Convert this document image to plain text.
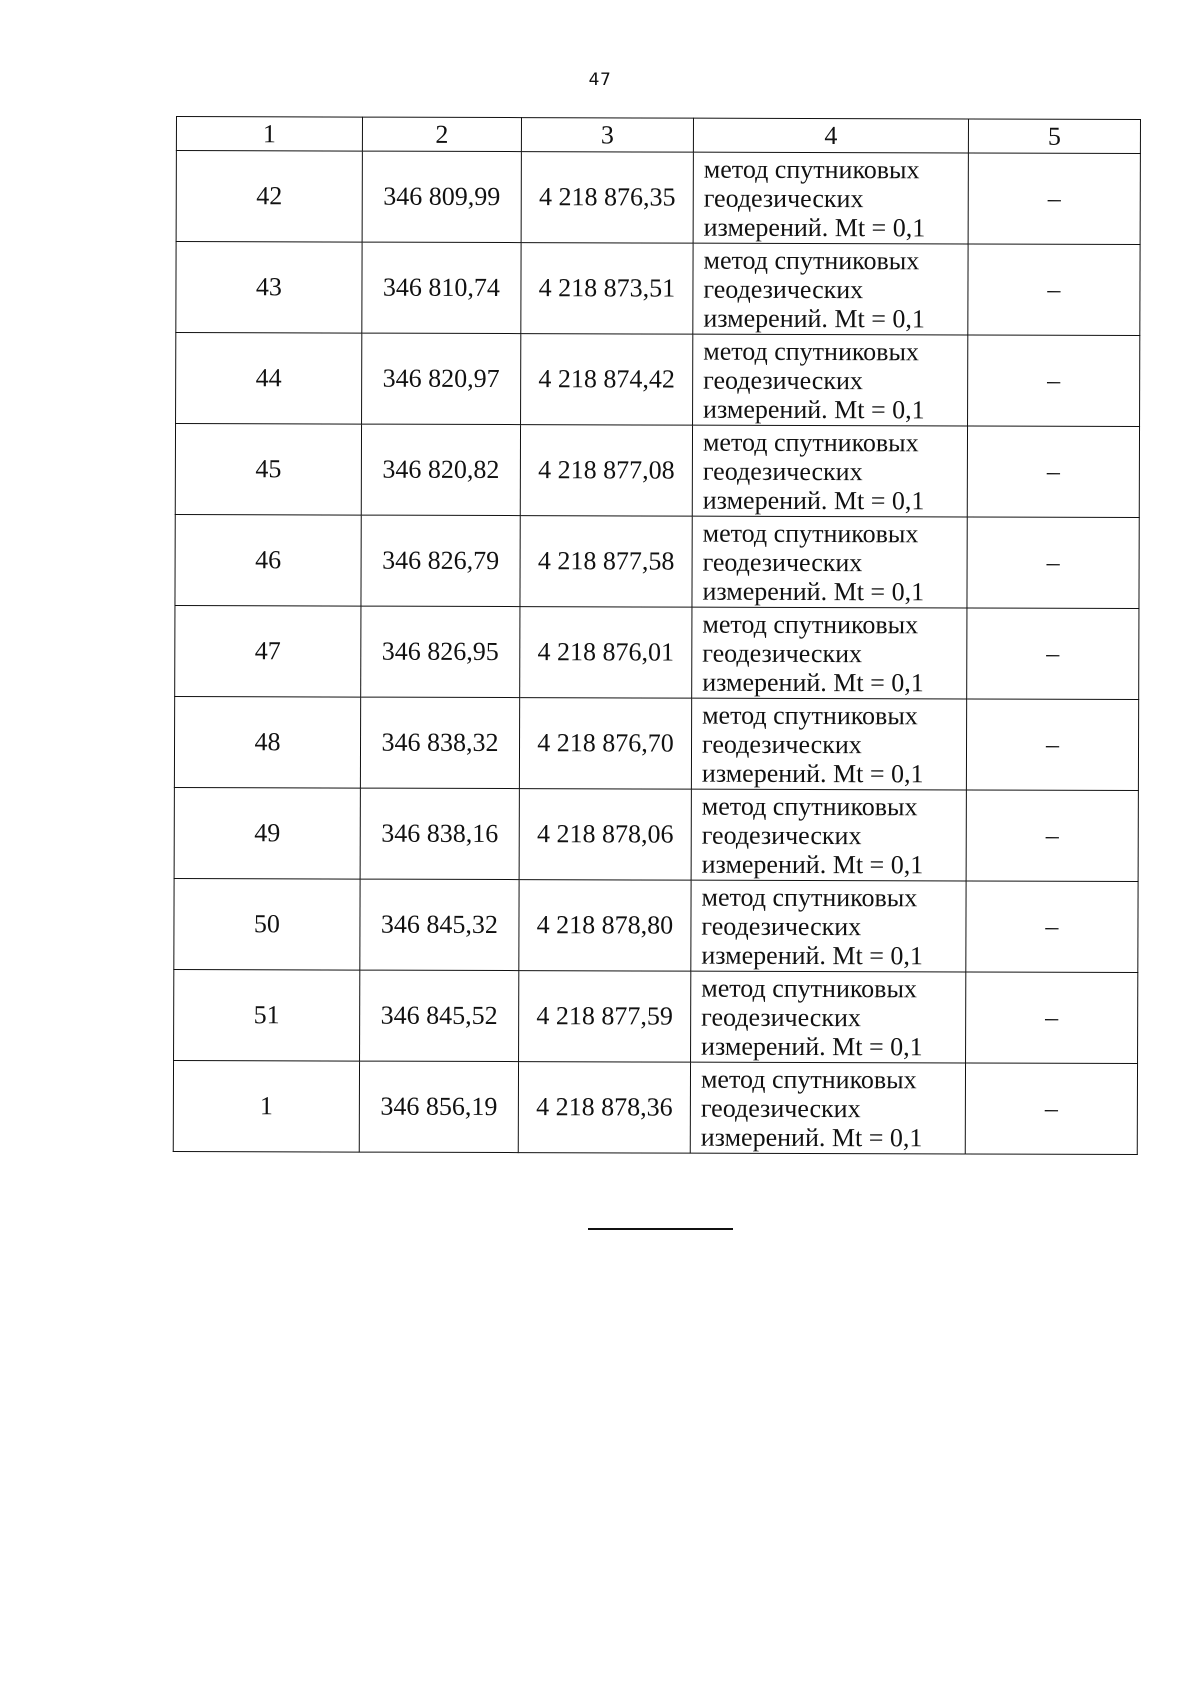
47
1	2	3	4	5
42	346 809,99	4 218 876,35	метод спутниковых
геодезических
измерений. Mt = 0,1	–
43	346 810,74	4 218 873,51	метод спутниковых
геодезических
измерений. Mt = 0,1	–
44	346 820,97	4 218 874,42	метод спутниковых
геодезических
измерений. Mt = 0,1	–
45	346 820,82	4 218 877,08	метод спутниковых
геодезических
измерений. Mt = 0,1	–
46	346 826,79	4 218 877,58	метод спутниковых
геодезических
измерений. Mt = 0,1	–
47	346 826,95	4 218 876,01	метод спутниковых
геодезических
измерений. Mt = 0,1	–
48	346 838,32	4 218 876,70	метод спутниковых
геодезических
измерений. Mt = 0,1	–
49	346 838,16	4 218 878,06	метод спутниковых
геодезических
измерений. Mt = 0,1	–
50	346 845,32	4 218 878,80	метод спутниковых
геодезических
измерений. Mt = 0,1	–
51	346 845,52	4 218 877,59	метод спутниковых
геодезических
измерений. Mt = 0,1	–
1	346 856,19	4 218 878,36	метод спутниковых
геодезических
измерений. Mt = 0,1	–
